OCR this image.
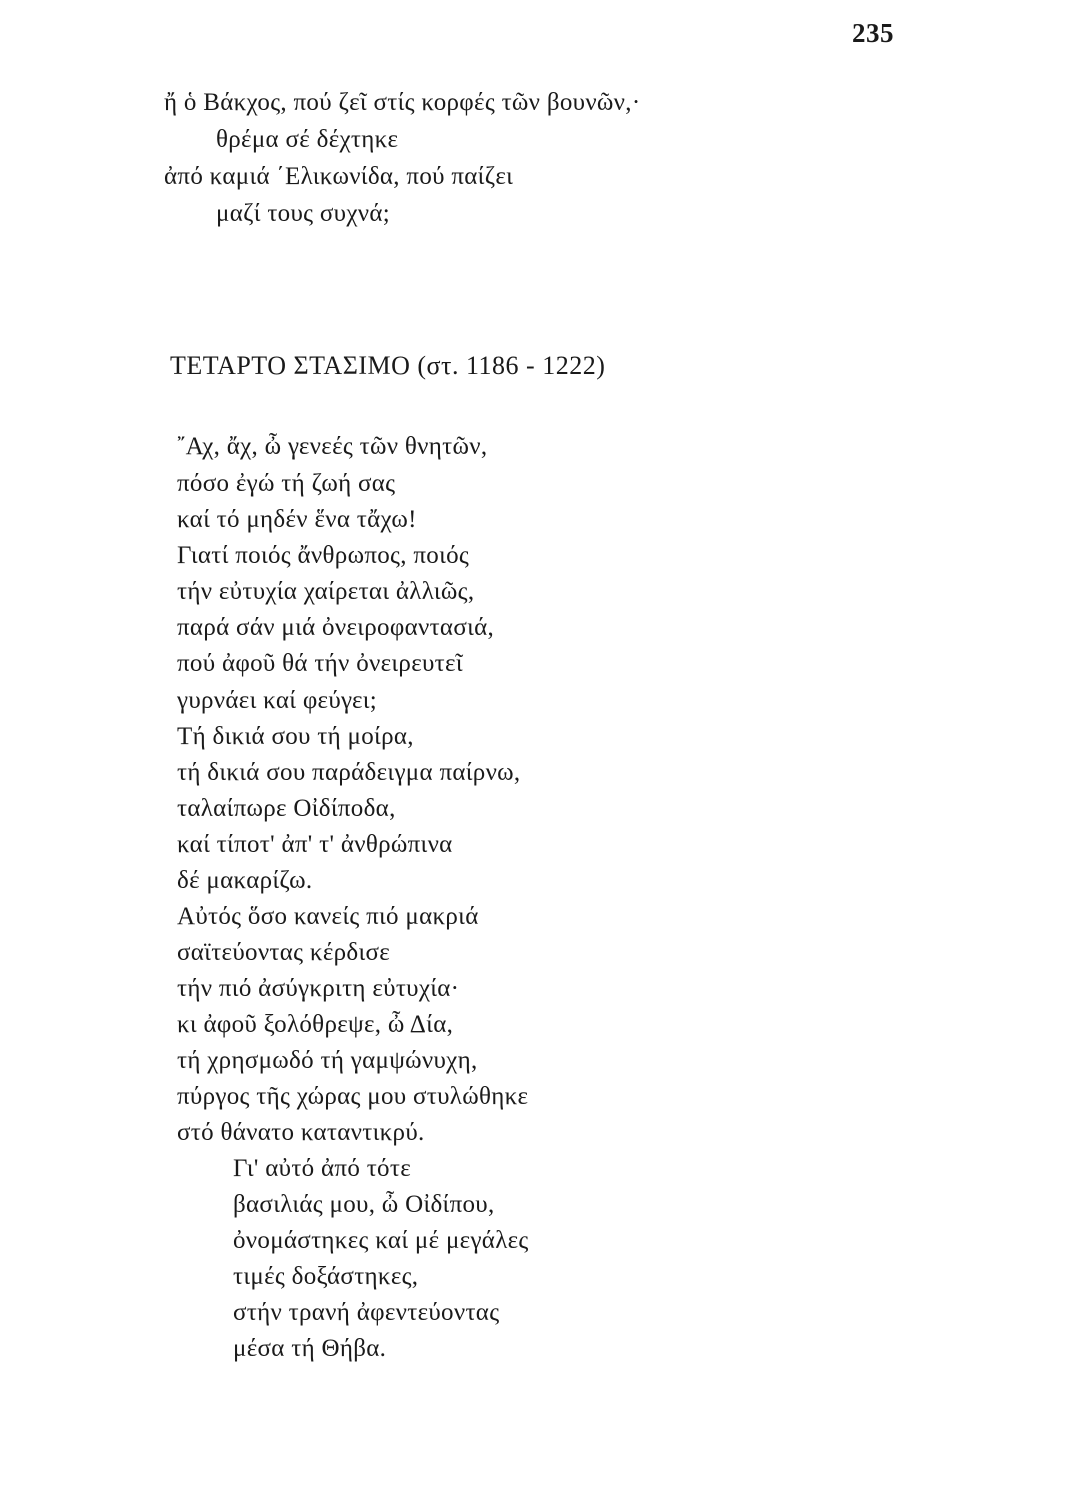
235
ἤ ὁ Βάκχος, πού ζεῖ στίς κορφές τῶν βουνῶν,·
θρέμα σέ δέχτηκε
ἀπό καμιά ΄Ελικωνίδα, πού παίζει
μαζί τους συχνά;
ΤΕΤΑΡΤΟ ΣΤΑΣΙΜΟ (στ. 1186 - 1222)
῎Αχ, ἄχ, ὦ γενεές τῶν θνητῶν,
πόσο ἐγώ τή ζωή σας
καί τό μηδέν ἕνα τἄχω!
Γιατί ποιός ἄνθρωπος, ποιός
τήν εὐτυχία χαίρεται ἀλλιῶς,
παρά σάν μιά ὀνειροφαντασιά,
πού ἀφοῦ θά τήν ὀνειρευτεῖ
γυρνάει καί φεύγει;
Τή δικιά σου τή μοίρα,
τή δικιά σου παράδειγμα παίρνω,
ταλαίπωρε Οἰδίποδα,
καί τίποτ' ἀπ' τ' ἀνθρώπινα
δέ μακαρίζω.
Αὐτός ὅσο κανείς πιό μακριά
σαϊτεύοντας κέρδισε
τήν πιό ἀσύγκριτη εὐτυχία·
κι ἀφοῦ ξολόθρεψε, ὦ Δία,
τή χρησμωδό τή γαμψώνυχη,
πύργος τῆς χώρας μου στυλώθηκε
στό θάνατο καταντικρύ.
Γι' αὐτό ἀπό τότε
βασιλιάς μου, ὦ Οἰδίπου,
ὀνομάστηκες καί μέ μεγάλες
τιμές δοξάστηκες,
στήν τρανή ἀφεντεύοντας
μέσα τή Θήβα.
